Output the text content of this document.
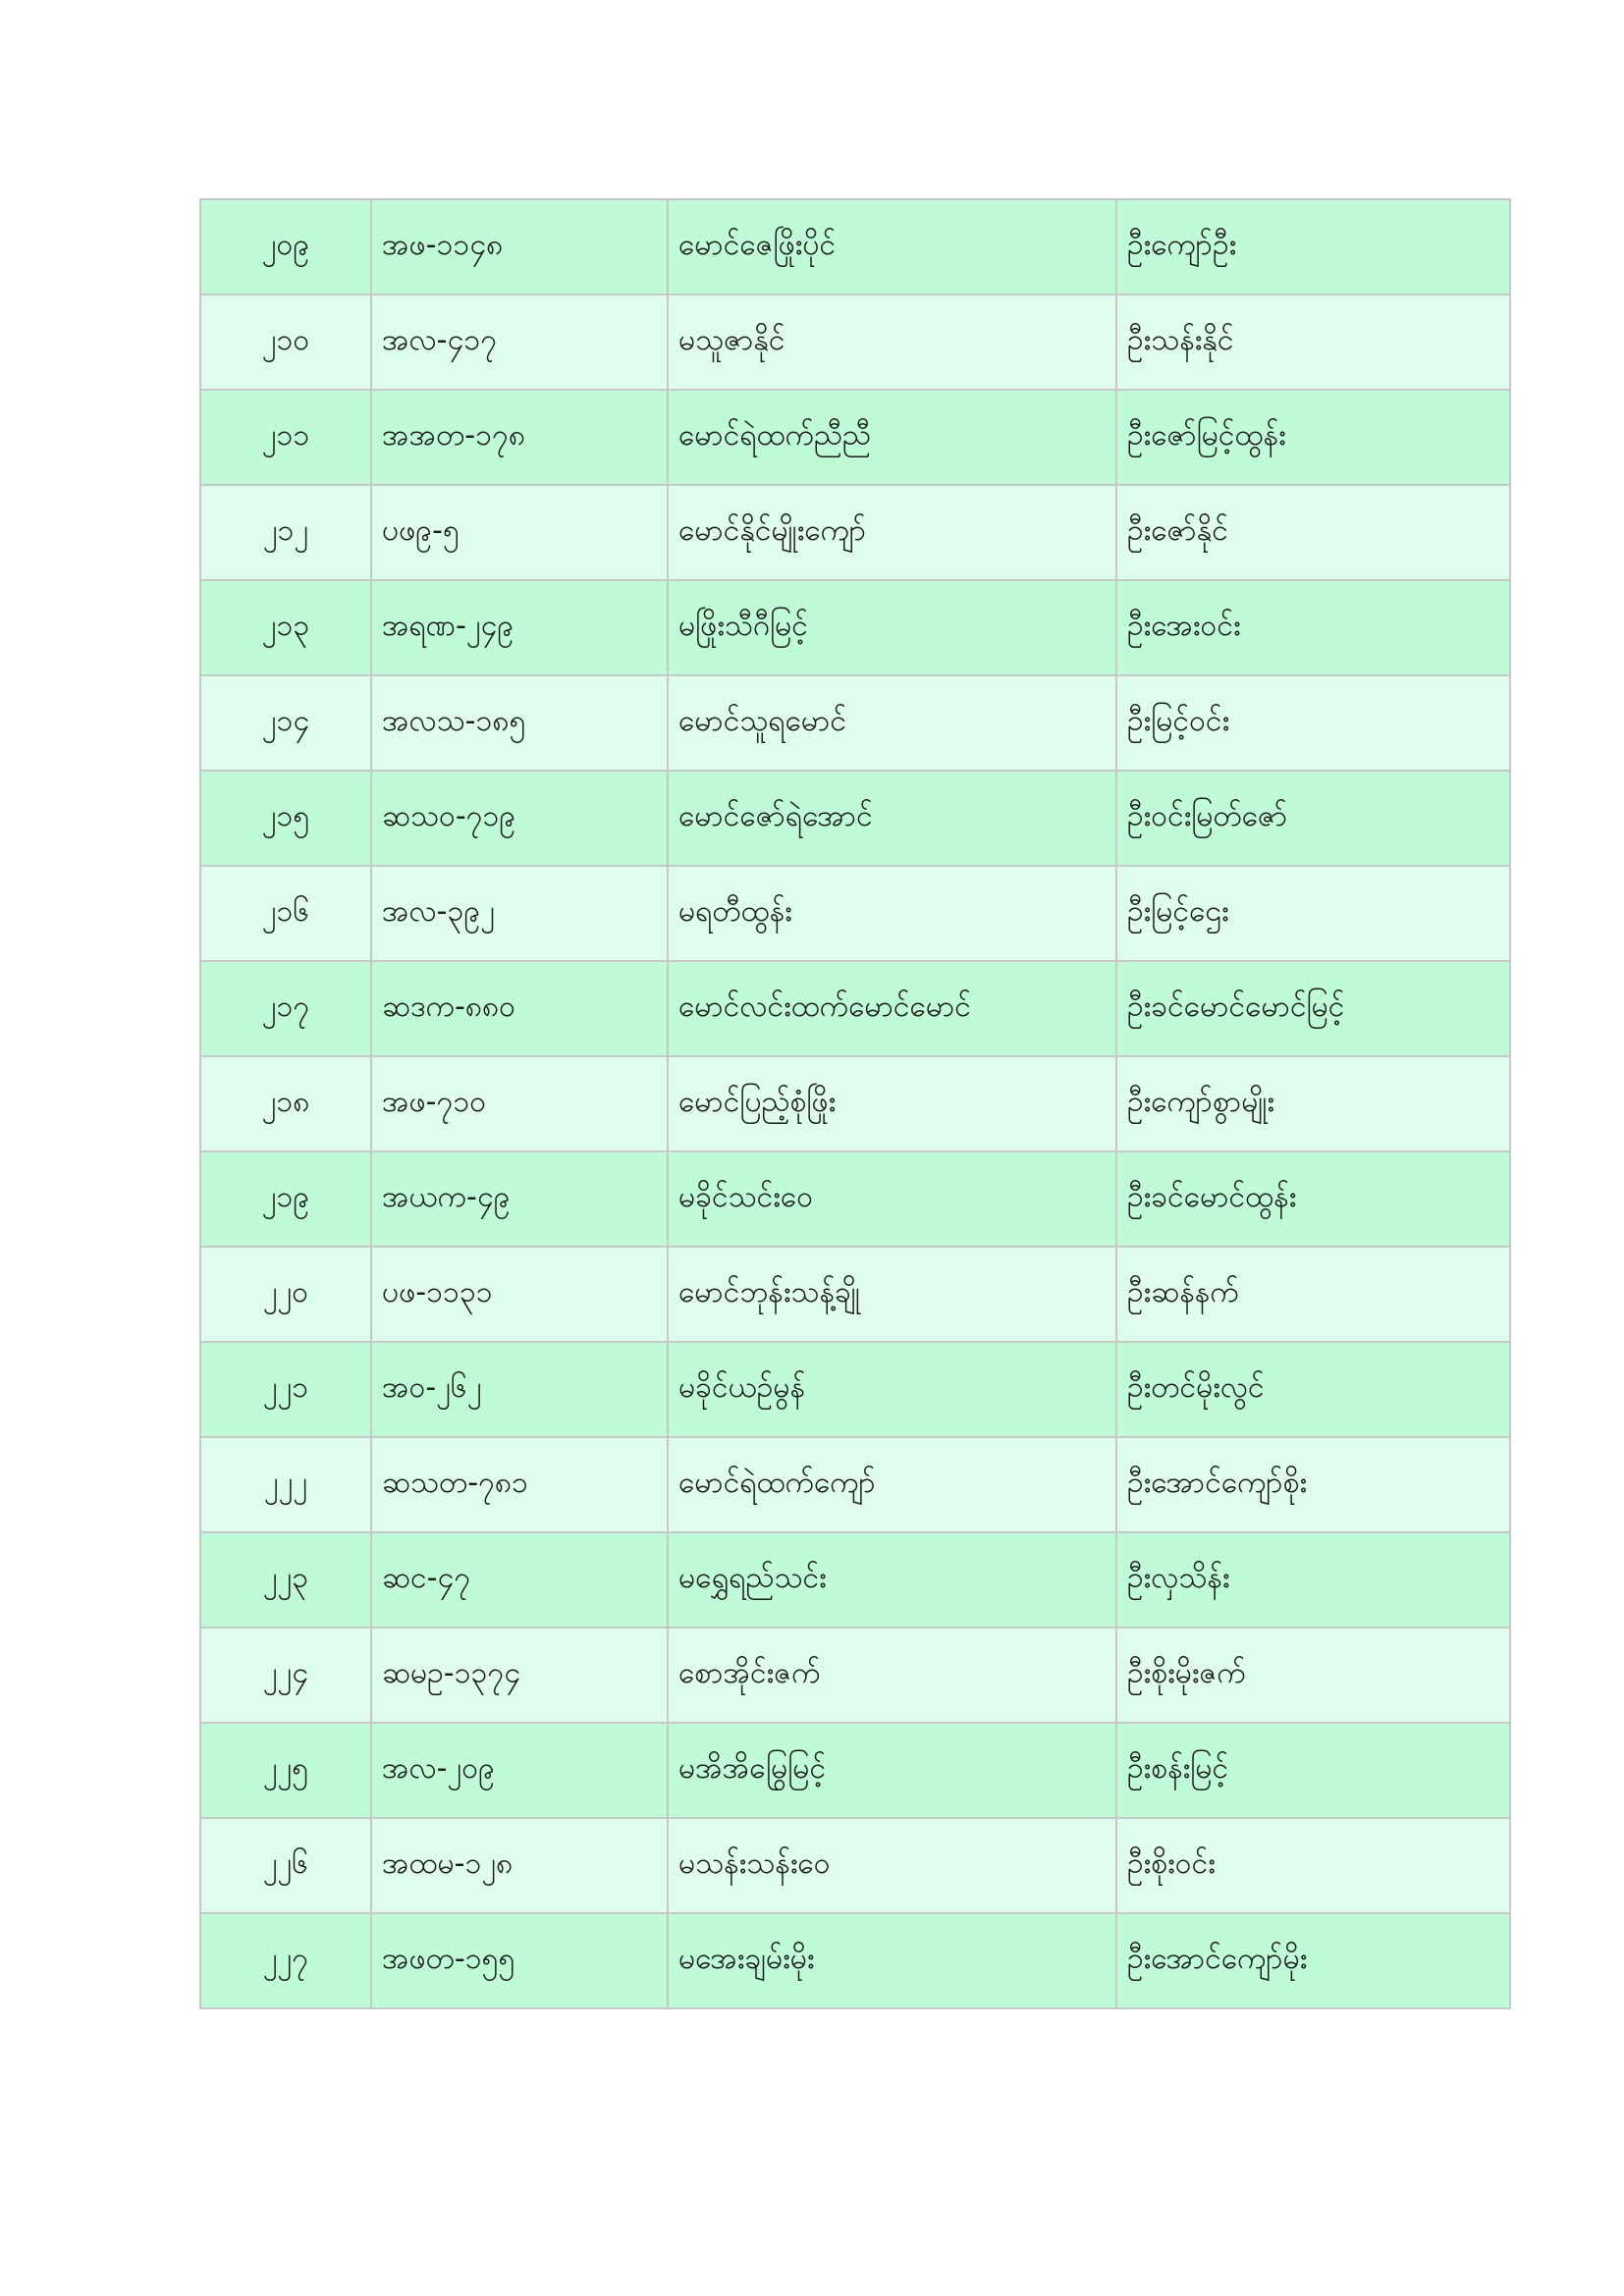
၂၀၉	အဖ-၁၁၄၈	မောင်ဇေဖြိုးပိုင်	ဦးကျော်ဦး
၂၁၀	အလ-၄၁၇	မသူဇာနိုင်	ဦးသန်းနိုင်
၂၁၁	အအတ-၁၇၈	မောင်ရဲထက်ညီညီ	ဦးဇော်မြင့်ထွန်း
၂၁၂	ပဖ၉-၅	မောင်နိုင်မျိုးကျော်	ဦးဇော်နိုင်
၂၁၃	အရဏ-၂၄၉	မဖြိုးသီဂီမြင့်	ဦးအေးဝင်း
၂၁၄	အလသ-၁၈၅	မောင်သူရမောင်	ဦးမြင့်ဝင်း
၂၁၅	ဆသဝ-၇၁၉	မောင်ဇော်ရဲအောင်	ဦးဝင်းမြတ်ဇော်
၂၁၆	အလ-၃၉၂	မရတီထွန်း	ဦးမြင့်ဌေး
၂၁၇	ဆဒက-၈၈၀	မောင်လင်းထက်မောင်မောင်	ဦးခင်မောင်မောင်မြင့်
၂၁၈	အဖ-၇၁၀	မောင်ပြည့်စုံဖြိုး	ဦးကျော်စွာမျိုး
၂၁၉	အယက-၄၉	မခိုင်သင်းဝေ	ဦးခင်မောင်ထွန်း
၂၂၀	ပဖ-၁၁၃၁	မောင်ဘုန်းသန့်ချို	ဦးဆန်နက်
၂၂၁	အဝ-၂၆၂	မခိုင်ယဉ်မွန်	ဦးတင်မိုးလွင်
၂၂၂	ဆသတ-၇၈၁	မောင်ရဲထက်ကျော်	ဦးအောင်ကျော်စိုး
၂၂၃	ဆင-၄၇	မရွှေရည်သင်း	ဦးလှသိန်း
၂၂၄	ဆမဥ-၁၃၇၄	စောအိုင်းဇက်	ဦးစိုးမိုးဇက်
၂၂၅	အလ-၂၀၉	မအိအိမြွေမြင့်	ဦးစန်းမြင့်
၂၂၆	အထမ-၁၂၈	မသန်းသန်းဝေ	ဦးစိုးဝင်း
၂၂၇	အဖတ-၁၅၅	မအေးချမ်းမိုး	ဦးအောင်ကျော်မိုး
